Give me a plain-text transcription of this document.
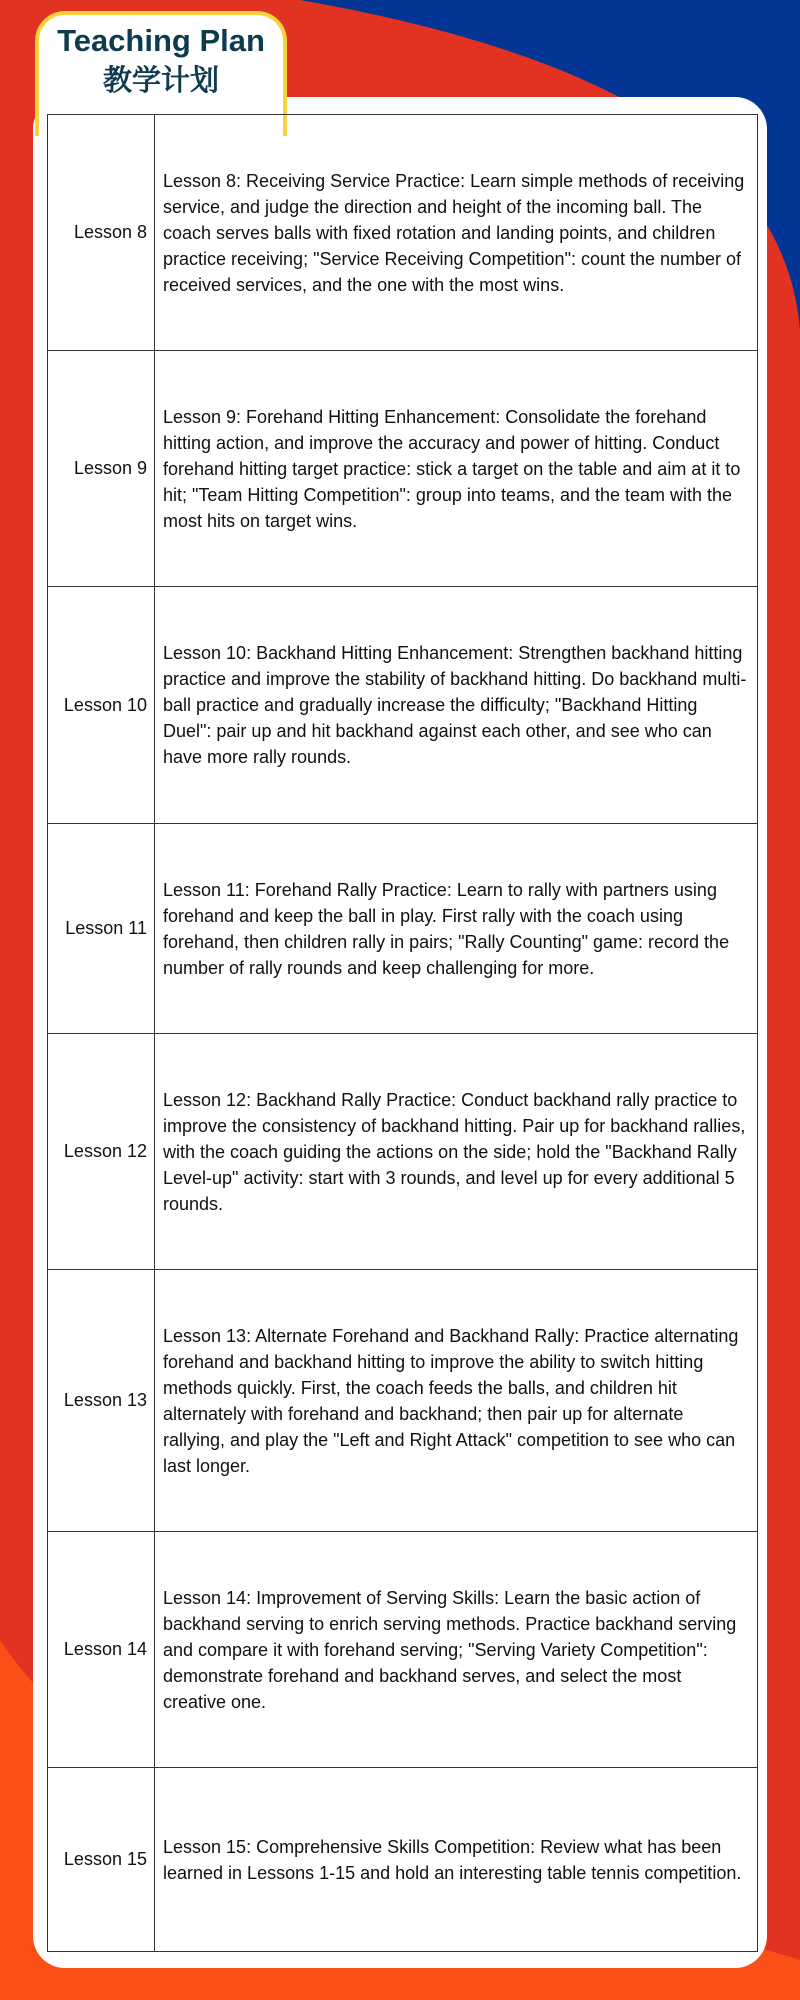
Teaching Plan
教学计划
Lesson 8	Lesson 8: Receiving Service Practice: Learn simple methods of receiving service, and judge the direction and height of the incoming ball. The coach serves balls with fixed rotation and landing points, and children practice receiving; "Service Receiving Competition": count the number of received services, and the one with the most wins.
Lesson 9	Lesson 9: Forehand Hitting Enhancement: Consolidate the forehand hitting action, and improve the accuracy and power of hitting. Conduct forehand hitting target practice: stick a target on the table and aim at it to hit; "Team Hitting Competition": group into teams, and the team with the most hits on target wins.
Lesson 10	Lesson 10: Backhand Hitting Enhancement: Strengthen backhand hitting practice and improve the stability of backhand hitting. Do backhand multi-ball practice and gradually increase the difficulty; "Backhand Hitting Duel": pair up and hit backhand against each other, and see who can have more rally rounds.
Lesson 11	Lesson 11: Forehand Rally Practice: Learn to rally with partners using forehand and keep the ball in play. First rally with the coach using forehand, then children rally in pairs; "Rally Counting" game: record the number of rally rounds and keep challenging for more.
Lesson 12	Lesson 12: Backhand Rally Practice: Conduct backhand rally practice to improve the consistency of backhand hitting. Pair up for backhand rallies, with the coach guiding the actions on the side; hold the "Backhand Rally Level-up" activity: start with 3 rounds, and level up for every additional 5 rounds.
Lesson 13	Lesson 13: Alternate Forehand and Backhand Rally: Practice alternating forehand and backhand hitting to improve the ability to switch hitting methods quickly. First, the coach feeds the balls, and children hit alternately with forehand and backhand; then pair up for alternate rallying, and play the "Left and Right Attack" competition to see who can last longer.
Lesson 14	Lesson 14: Improvement of Serving Skills: Learn the basic action of backhand serving to enrich serving methods. Practice backhand serving and compare it with forehand serving; "Serving Variety Competition": demonstrate forehand and backhand serves, and select the most creative one.
Lesson 15	Lesson 15: Comprehensive Skills Competition: Review what has been learned in Lessons 1-15 and hold an interesting table tennis competition.
